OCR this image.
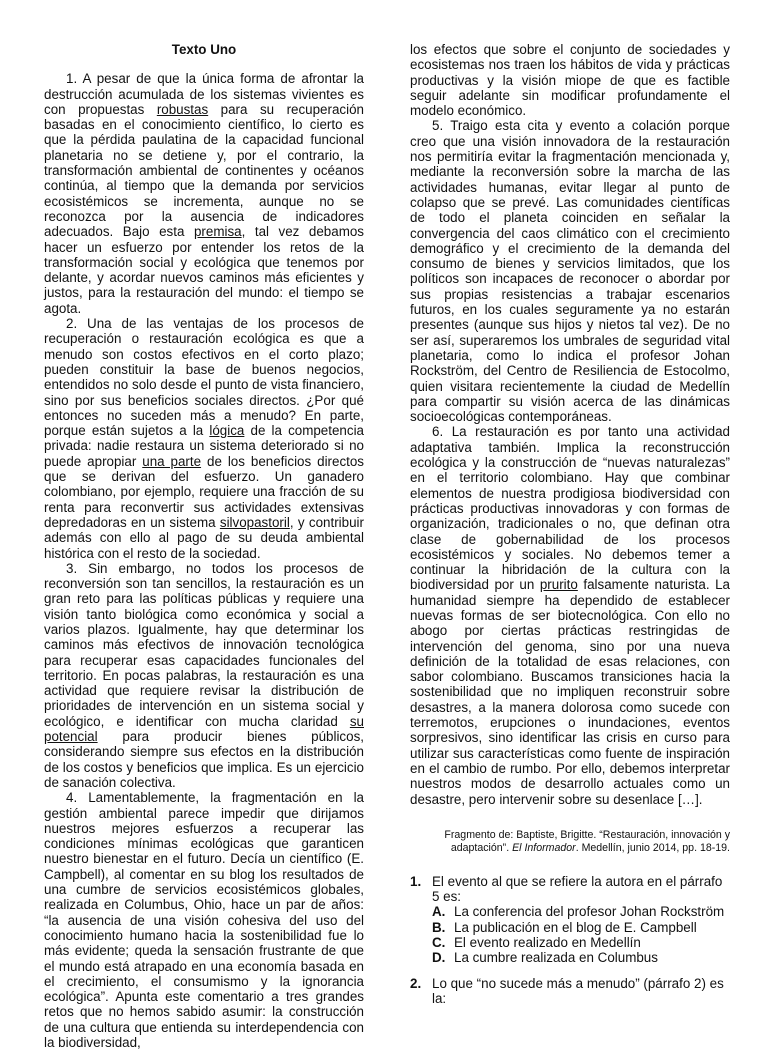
Texto Uno

1. A pesar de que la única forma de afrontar la destrucción acumulada de los sistemas vivientes es con propuestas robustas para su recuperación basadas en el conocimiento científico, lo cierto es que la pérdida paulatina de la capacidad funcional planetaria no se detiene y, por el contrario, la transformación ambiental de continentes y océanos continúa, al tiempo que la demanda por servicios ecosistémicos se incrementa, aunque no se reconozca por la ausencia de indicadores adecuados. Bajo esta premisa, tal vez debamos hacer un esfuerzo por entender los retos de la transformación social y ecológica que tenemos por delante, y acordar nuevos caminos más eficientes y justos, para la restauración del mundo: el tiempo se agota.

2. Una de las ventajas de los procesos de recuperación o restauración ecológica es que a menudo son costos efectivos en el corto plazo; pueden constituir la base de buenos negocios, entendidos no solo desde el punto de vista financiero, sino por sus beneficios sociales directos. ¿Por qué entonces no suceden más a menudo? En parte, porque están sujetos a la lógica de la competencia privada: nadie restaura un sistema deteriorado si no puede apropiar una parte de los beneficios directos que se derivan del esfuerzo. Un ganadero colombiano, por ejemplo, requiere una fracción de su renta para reconvertir sus actividades extensivas depredadoras en un sistema silvopastoril, y contribuir además con ello al pago de su deuda ambiental histórica con el resto de la sociedad.

3. Sin embargo, no todos los procesos de reconversión son tan sencillos, la restauración es un gran reto para las políticas públicas y requiere una visión tanto biológica como económica y social a varios plazos. Igualmente, hay que determinar los caminos más efectivos de innovación tecnológica para recuperar esas capacidades funcionales del territorio. En pocas palabras, la restauración es una actividad que requiere revisar la distribución de prioridades de intervención en un sistema social y ecológico, e identificar con mucha claridad su potencial para producir bienes públicos, considerando siempre sus efectos en la distribución de los costos y beneficios que implica. Es un ejercicio de sanación colectiva.

4. Lamentablemente, la fragmentación en la gestión ambiental parece impedir que dirijamos nuestros mejores esfuerzos a recuperar las condiciones mínimas ecológicas que garanticen nuestro bienestar en el futuro. Decía un científico (E. Campbell), al comentar en su blog los resultados de una cumbre de servicios ecosistémicos globales, realizada en Columbus, Ohio, hace un par de años: “la ausencia de una visión cohesiva del uso del conocimiento humano hacia la sostenibilidad fue lo más evidente; queda la sensación frustrante de que el mundo está atrapado en una economía basada en el crecimiento, el consumismo y la ignorancia ecológica”. Apunta este comentario a tres grandes retos que no hemos sabido asumir: la construcción de una cultura que entienda su interdependencia con la biodiversidad,

los efectos que sobre el conjunto de sociedades y ecosistemas nos traen los hábitos de vida y prácticas productivas y la visión miope de que es factible seguir adelante sin modificar profundamente el modelo económico.

5. Traigo esta cita y evento a colación porque creo que una visión innovadora de la restauración nos permitiría evitar la fragmentación mencionada y, mediante la reconversión sobre la marcha de las actividades humanas, evitar llegar al punto de colapso que se prevé. Las comunidades científicas de todo el planeta coinciden en señalar la convergencia del caos climático con el crecimiento demográfico y el crecimiento de la demanda del consumo de bienes y servicios limitados, que los políticos son incapaces de reconocer o abordar por sus propias resistencias a trabajar escenarios futuros, en los cuales seguramente ya no estarán presentes (aunque sus hijos y nietos tal vez). De no ser así, superaremos los umbrales de seguridad vital planetaria, como lo indica el profesor Johan Rockström, del Centro de Resiliencia de Estocolmo, quien visitara recientemente la ciudad de Medellín para compartir su visión acerca de las dinámicas socioecológicas contemporáneas.

6. La restauración es por tanto una actividad adaptativa también. Implica la reconstrucción ecológica y la construcción de “nuevas naturalezas” en el territorio colombiano. Hay que combinar elementos de nuestra prodigiosa biodiversidad con prácticas productivas innovadoras y con formas de organización, tradicionales o no, que definan otra clase de gobernabilidad de los procesos ecosistémicos y sociales. No debemos temer a continuar la hibridación de la cultura con la biodiversidad por un prurito falsamente naturista. La humanidad siempre ha dependido de establecer nuevas formas de ser biotecnológica. Con ello no abogo por ciertas prácticas restringidas de intervención del genoma, sino por una nueva definición de la totalidad de esas relaciones, con sabor colombiano. Buscamos transiciones hacia la sostenibilidad que no impliquen reconstruir sobre desastres, a la manera dolorosa como sucede con terremotos, erupciones o inundaciones, eventos sorpresivos, sino identificar las crisis en curso para utilizar sus características como fuente de inspiración en el cambio de rumbo. Por ello, debemos interpretar nuestros modos de desarrollo actuales como un desastre, pero intervenir sobre su desenlace […].

Fragmento de: Baptiste, Brigitte. “Restauración, innovación y adaptación”. El Informador. Medellín, junio 2014, pp. 18-19.

1. El evento al que se refiere la autora en el párrafo 5 es:
A. La conferencia del profesor Johan Rockström
B. La publicación en el blog de E. Campbell
C. El evento realizado en Medellín
D. La cumbre realizada en Columbus
2. Lo que “no sucede más a menudo” (párrafo 2) es la:
